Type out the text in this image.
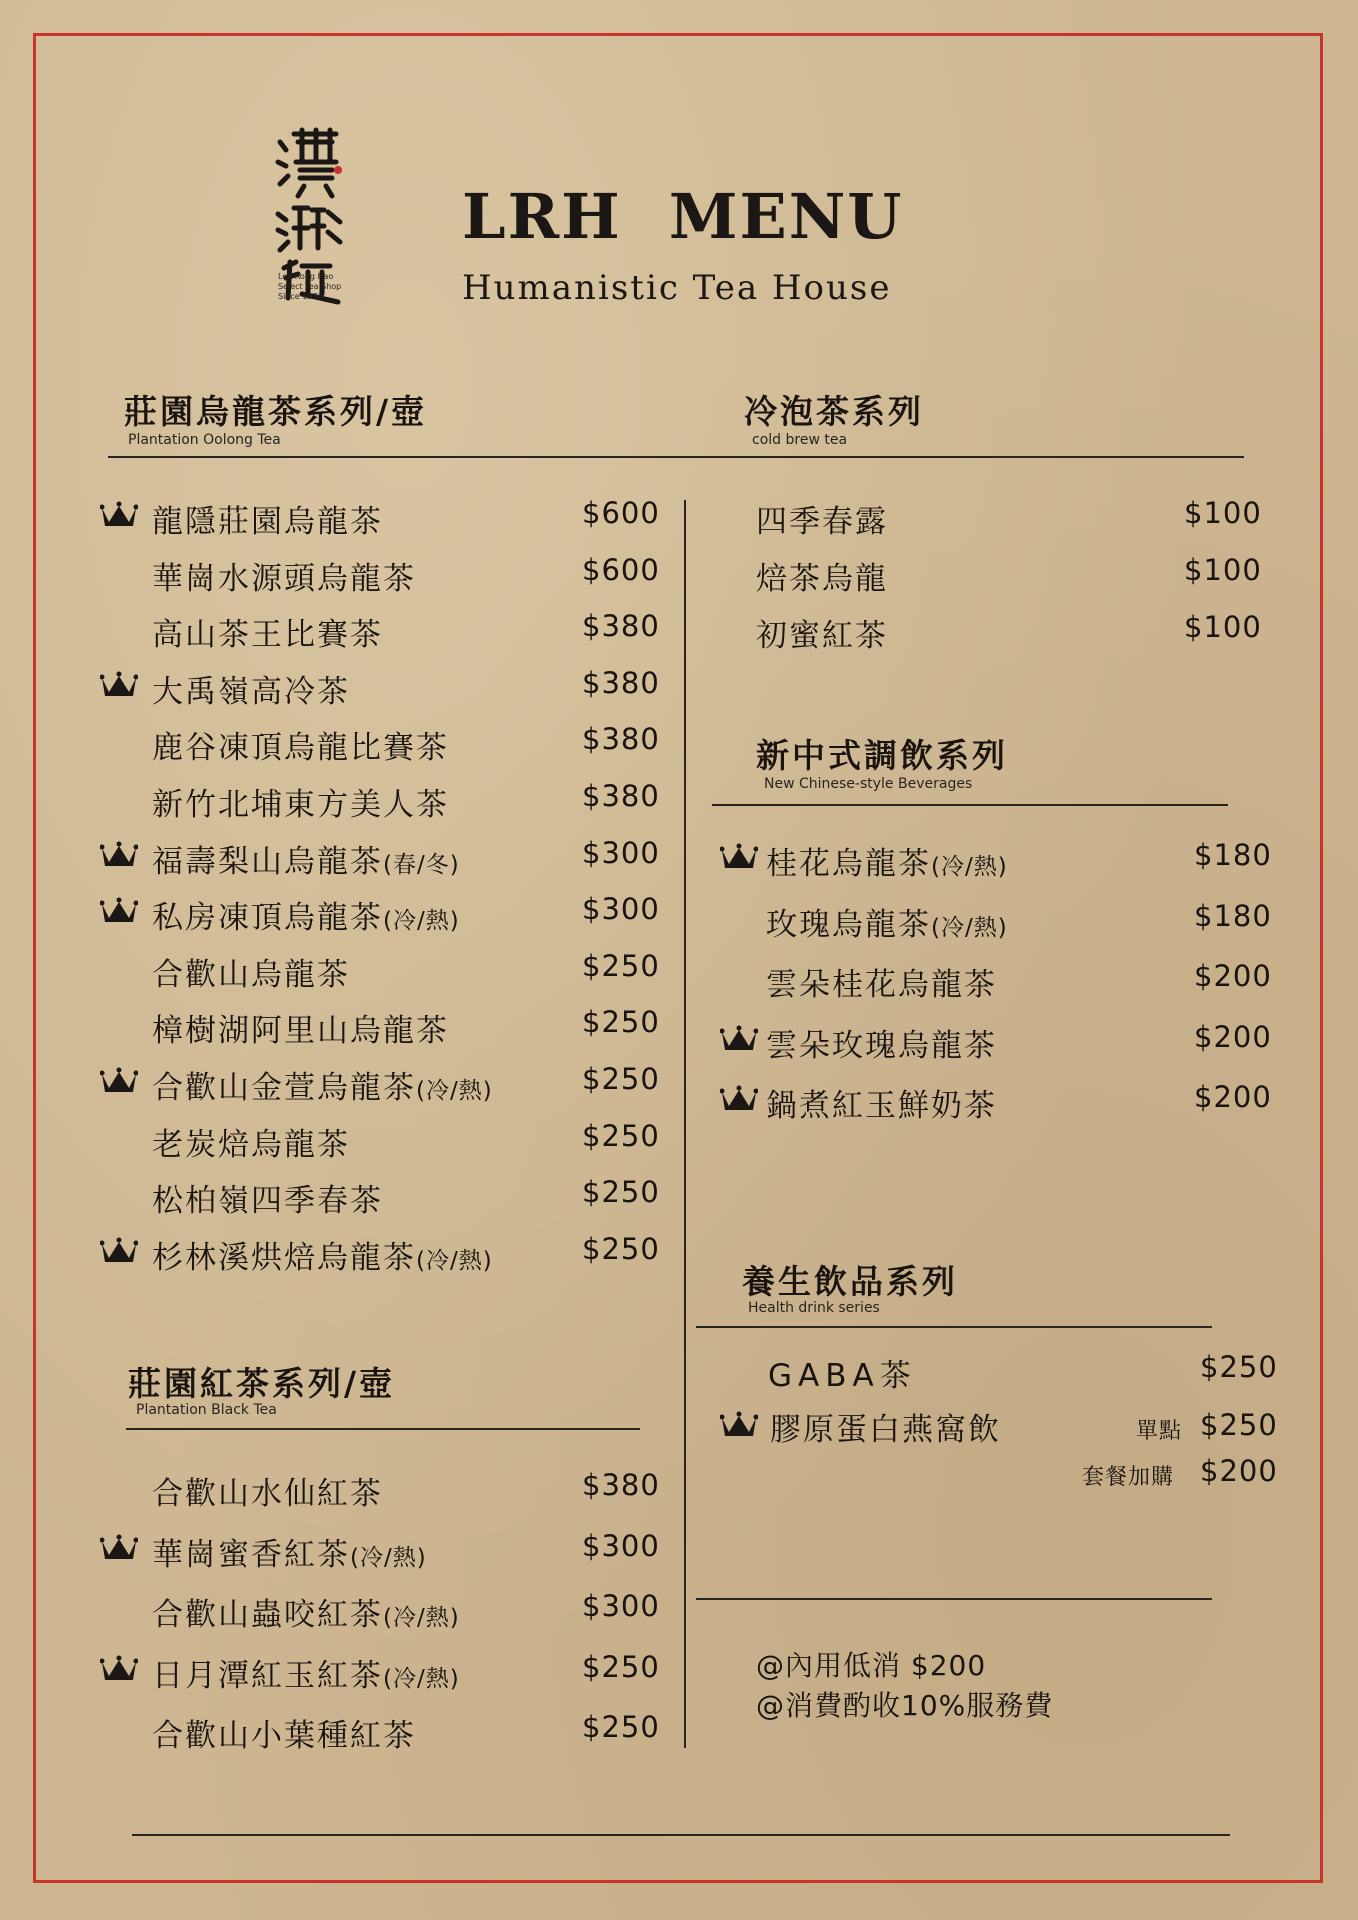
Lee Rong Hao
Select Tea Shop
Since 1976
LRH  MENU
Humanistic Tea House
莊園烏龍茶系列/壺
Plantation Oolong Tea
冷泡茶系列
cold brew tea
龍隱莊園烏龍茶	$600
華崗水源頭烏龍茶	$600
高山茶王比賽茶	$380
大禹嶺高冷茶	$380
鹿谷凍頂烏龍比賽茶	$380
新竹北埔東方美人茶	$380
福壽梨山烏龍茶(春/冬)	$300
私房凍頂烏龍茶(冷/熱)	$300
合歡山烏龍茶	$250
樟樹湖阿里山烏龍茶	$250
合歡山金萱烏龍茶(冷/熱)	$250
老炭焙烏龍茶	$250
松柏嶺四季春茶	$250
杉林溪烘焙烏龍茶(冷/熱)	$250
莊園紅茶系列/壺
Plantation Black Tea
合歡山水仙紅茶	$380
華崗蜜香紅茶(冷/熱)	$300
合歡山蟲咬紅茶(冷/熱)	$300
日月潭紅玉紅茶(冷/熱)	$250
合歡山小葉種紅茶	$250
四季春露	$100
焙茶烏龍	$100
初蜜紅茶	$100
新中式調飲系列
New Chinese-style Beverages
桂花烏龍茶(冷/熱)	$180
玫瑰烏龍茶(冷/熱)	$180
雲朵桂花烏龍茶	$200
雲朵玫瑰烏龍茶	$200
鍋煮紅玉鮮奶茶	$200
養生飲品系列
Health drink series
GABA茶	$250
膠原蛋白燕窩飲	單點 $250
套餐加購 $200
@內用低消 $200
@消費酌收10%服務費
